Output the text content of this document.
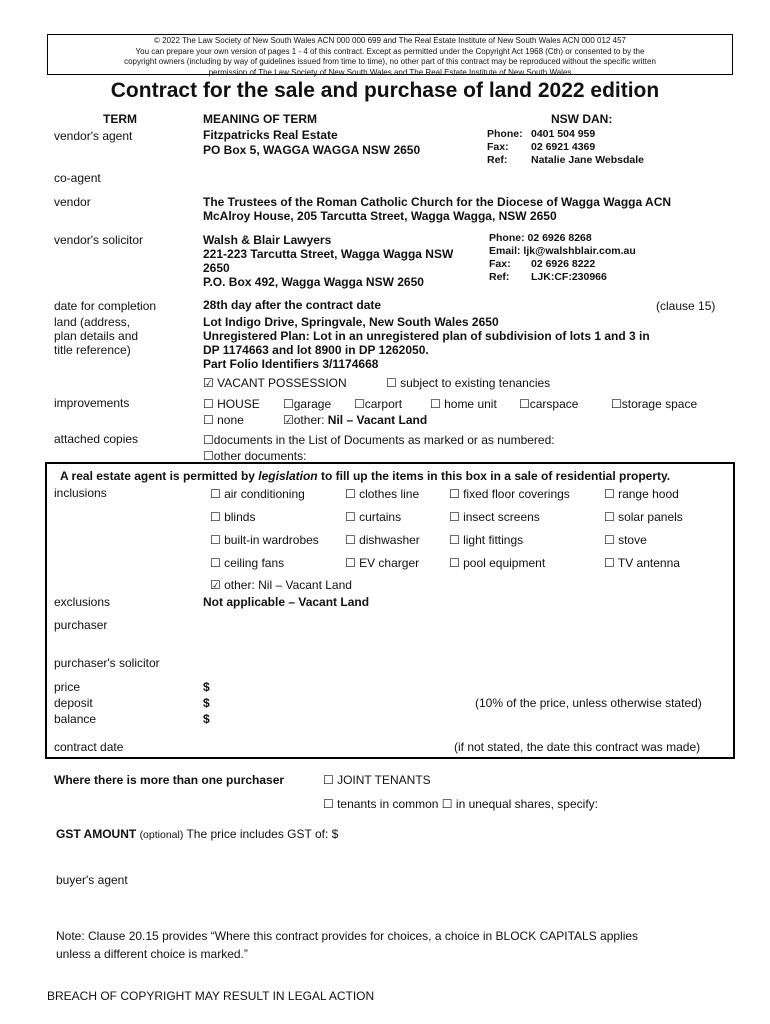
© 2022 The Law Society of New South Wales ACN 000 000 699 and The Real Estate Institute of New South Wales ACN 000 012 457
You can prepare your own version of pages 1 - 4 of this contract. Except as permitted under the Copyright Act 1968 (Cth) or consented to by the
copyright owners (including by way of guidelines issued from time to time), no other part of this contract may be reproduced without the specific written
permission of The Law Society of New South Wales and The Real Estate Institute of New South Wales
Contract for the sale and purchase of land 2022 edition
TERM	MEANING OF TERM	NSW DAN:
vendor's agent	Fitzpatricks Real Estate
PO Box 5, WAGGA WAGGA NSW 2650
Phone: 0401 504 959
Fax: 02 6921 4369
Ref: Natalie Jane Websdale
co-agent
vendor	The Trustees of the Roman Catholic Church for the Diocese of Wagga Wagga ACN
McAlroy House, 205 Tarcutta Street, Wagga Wagga, NSW 2650
vendor's solicitor	Walsh & Blair Lawyers
221-223 Tarcutta Street, Wagga Wagga NSW
2650
P.O. Box 492, Wagga Wagga NSW 2650
Phone: 02 6926 8268
Email: ljk@walshblair.com.au
Fax: 02 6926 8222
Ref: LJK:CF:230966
date for completion	28th day after the contract date	(clause 15)
land (address,
plan details and
title reference)
Lot Indigo Drive, Springvale, New South Wales 2650
Unregistered Plan: Lot in an unregistered plan of subdivision of lots 1 and 3 in
DP 1174663 and lot 8900 in DP 1262050.
Part Folio Identifiers 3/1174668
☑ VACANT POSSESSION	☐ subject to existing tenancies
improvements	☐ HOUSE ☐garage ☐carport ☐ home unit ☐carspace	☐storage space
☐ none	☑other: Nil – Vacant Land
attached copies	☐documents in the List of Documents as marked or as numbered:
☐other documents:
A real estate agent is permitted by legislation to fill up the items in this box in a sale of residential property.
inclusions	☐ air conditioning	☐ clothes line ☐ fixed floor coverings	☐ range hood
☐ blinds	☐ curtains	☐ insect screens	☐ solar panels
☐ built-in wardrobes ☐ dishwasher ☐ light fittings	☐ stove
☐ ceiling fans	☐ EV charger ☐ pool equipment	☐ TV antenna
☑ other: Nil – Vacant Land
exclusions	Not applicable – Vacant Land
purchaser
purchaser's solicitor
price	$
deposit	$	(10% of the price, unless otherwise stated)
balance	$
contract date	(if not stated, the date this contract was made)
Where there is more than one purchaser	☐ JOINT TENANTS
☐ tenants in common ☐ in unequal shares, specify:
GST AMOUNT (optional) The price includes GST of: $
buyer's agent
Note: Clause 20.15 provides “Where this contract provides for choices, a choice in BLOCK CAPITALS applies
unless a different choice is marked.”
BREACH OF COPYRIGHT MAY RESULT IN LEGAL ACTION
